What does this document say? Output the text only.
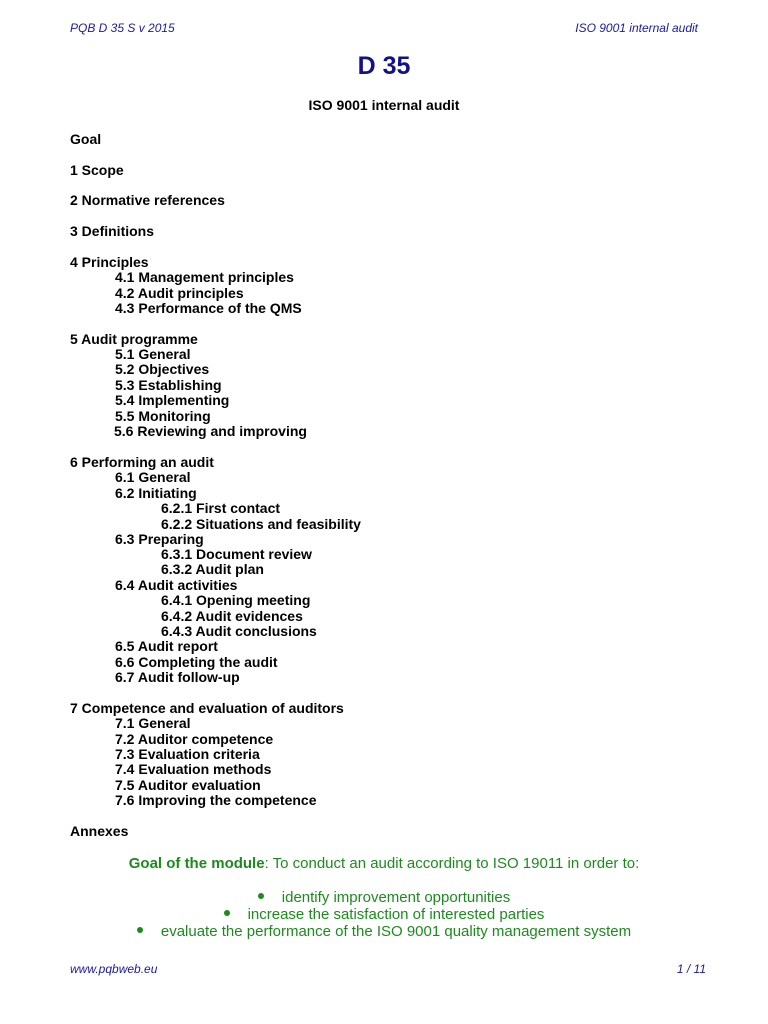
PQB D 35 S v 2015	ISO 9001 internal audit
D 35
ISO 9001 internal audit
Goal
1 Scope
2 Normative references
3 Definitions
4 Principles
4.1 Management principles
4.2 Audit principles
4.3 Performance of the QMS
5 Audit programme
5.1 General
5.2 Objectives
5.3 Establishing
5.4 Implementing
5.5 Monitoring
5.6 Reviewing and improving
6 Performing an audit
6.1 General
6.2 Initiating
6.2.1 First contact
6.2.2 Situations and feasibility
6.3 Preparing
6.3.1 Document review
6.3.2 Audit plan
6.4 Audit activities
6.4.1 Opening meeting
6.4.2 Audit evidences
6.4.3 Audit conclusions
6.5 Audit report
6.6 Completing the audit
6.7 Audit follow-up
7 Competence and evaluation of auditors
7.1 General
7.2 Auditor competence
7.3 Evaluation criteria
7.4 Evaluation methods
7.5 Auditor evaluation
7.6 Improving the competence
Annexes
Goal of the module: To conduct an audit according to ISO 19011 in order to:
identify improvement opportunities
increase the satisfaction of interested parties
evaluate the performance of the ISO 9001 quality management system
www.pqbweb.eu	1 / 11
